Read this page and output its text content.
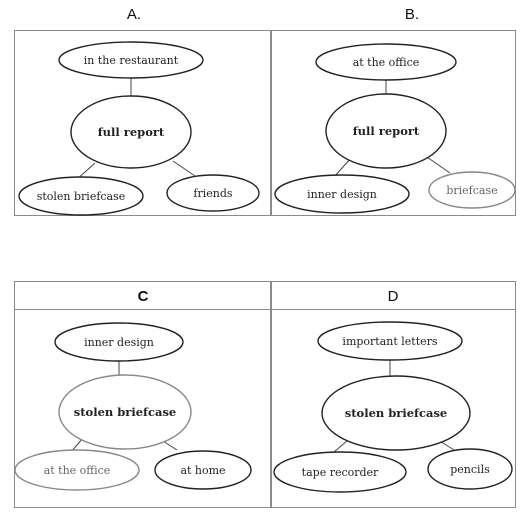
A.	B.
in the restaurant
full report
stolen briefcase	friends
at the office
full report
inner design	briefcase
C
inner design
stolen briefcase
at the office	at home
D
important letters
stolen briefcase
tape recorder	pencils
